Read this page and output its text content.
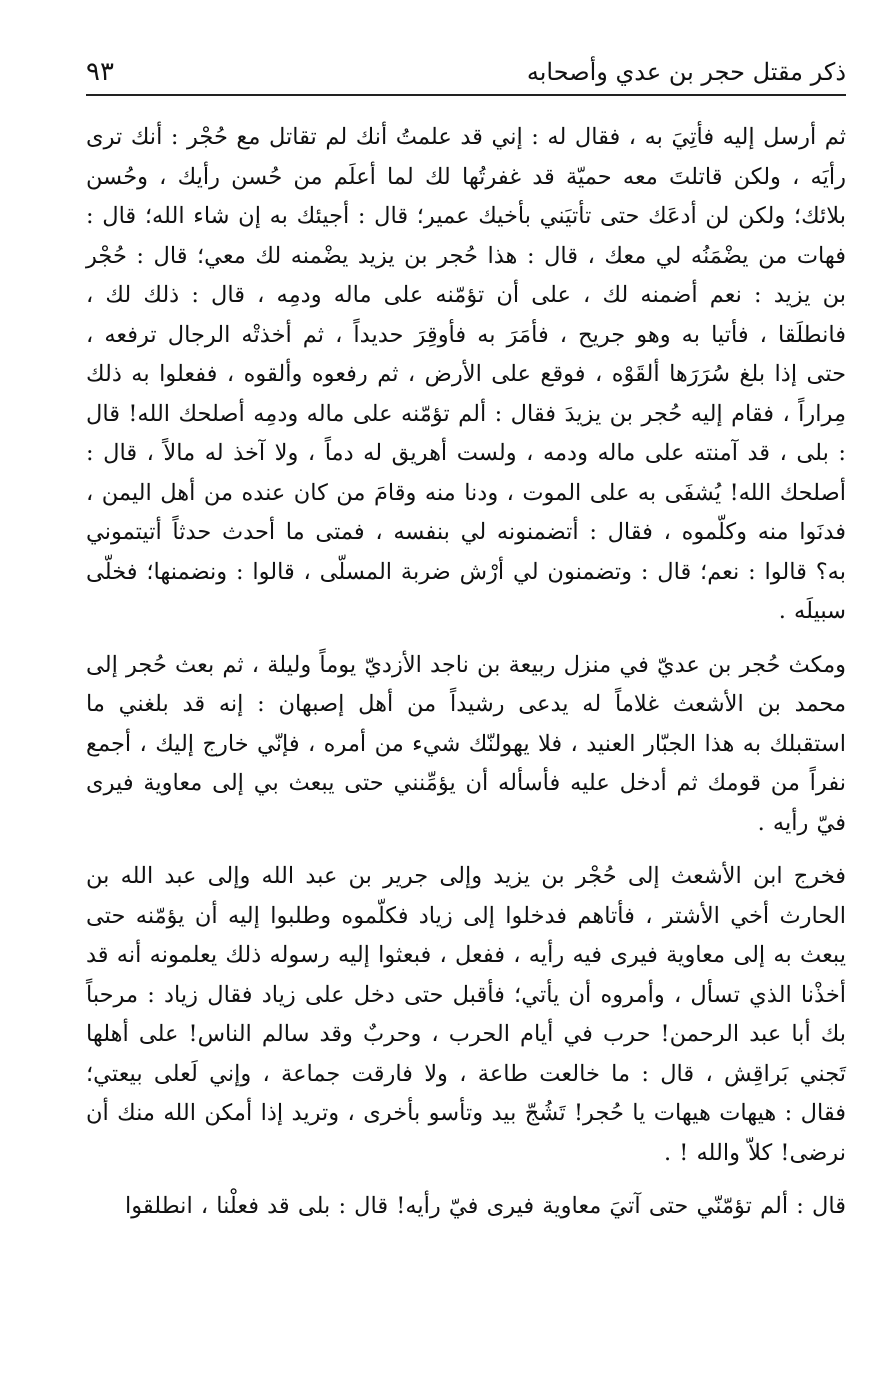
ذكر مقتل حجر بن عدي وأصحابه
٩٣

ثم أرسل إليه فأتِيَ به ، فقال له : إني قد علمتُ أنك لم تقاتل مع حُجْر : أنك ترى رأيَه ، ولكن قاتلتَ معه حميّة قد غفرتُها لك لما أعلَم من حُسن رأيك ، وحُسن بلائك؛ ولكن لن أدعَك حتى تأتيَني بأخيك عمير؛ قال : أجيئك به إن شاء الله؛ قال : فهات من يضْمَنُه لي معك ، قال : هذا حُجر بن يزيد يضْمنه لك معي؛ قال : حُجْر بن يزيد : نعم أضمنه لك ، على أن تؤمّنه على ماله ودمِه ، قال : ذلك لك ، فانطلَقا ، فأتيا به وهو جريح ، فأمَرَ به فأوقِرَ حديداً ، ثم أخذتْه الرجال ترفعه ، حتى إذا بلغ سُرَرَها ألقَوْه ، فوقع على الأرض ، ثم رفعوه وألقوه ، ففعلوا به ذلك مِراراً ، فقام إليه حُجر بن يزيدَ فقال : ألم تؤمّنه على ماله ودمِه أصلحك الله! قال : بلى ، قد آمنته على ماله ودمه ، ولست أهريق له دماً ، ولا آخذ له مالاً ، قال : أصلحك الله! يُشفَى به على الموت ، ودنا منه وقامَ من كان عنده من أهل اليمن ، فدنَوا منه وكلّموه ، فقال : أتضمنونه لي بنفسه ، فمتى ما أحدث حدثاً أتيتموني به؟ قالوا : نعم؛ قال : وتضمنون لي أرْش ضربة المسلّى ، قالوا : ونضمنها؛ فخلّى سبيلَه .

ومكث حُجر بن عديّ في منزل ربيعة بن ناجد الأزديّ يوماً وليلة ، ثم بعث حُجر إلى محمد بن الأشعث غلاماً له يدعى رشيداً من أهل إصبهان : إنه قد بلغني ما استقبلك به هذا الجبّار العنيد ، فلا يهولنّك شيء من أمره ، فإنّي خارج إليك ، أجمع نفراً من قومك ثم أدخل عليه فأسأله أن يؤمِّنني حتى يبعث بي إلى معاوية فيرى فيّ رأيه .

فخرج ابن الأشعث إلى حُجْر بن يزيد وإلى جرير بن عبد الله وإلى عبد الله بن الحارث أخي الأشتر ، فأتاهم فدخلوا إلى زياد فكلّموه وطلبوا إليه أن يؤمّنه حتى يبعث به إلى معاوية فيرى فيه رأيه ، ففعل ، فبعثوا إليه رسوله ذلك يعلمونه أنه قد أخذْنا الذي تسأل ، وأمروه أن يأتي؛ فأقبل حتى دخل على زياد فقال زياد : مرحباً بك أبا عبد الرحمن! حرب في أيام الحرب ، وحربٌ وقد سالم الناس! على أهلها تَجني بَراقِش ، قال : ما خالعت طاعة ، ولا فارقت جماعة ، وإني لَعلى بيعتي؛ فقال : هيهات هيهات يا حُجر! تَشُجّ بيد وتأسو بأخرى ، وتريد إذا أمكن الله منك أن نرضى! كلاّ والله ! .

قال : ألم تؤمّنّي حتى آتيَ معاوية فيرى فيّ رأيه! قال : بلى قد فعلْنا ، انطلقوا
